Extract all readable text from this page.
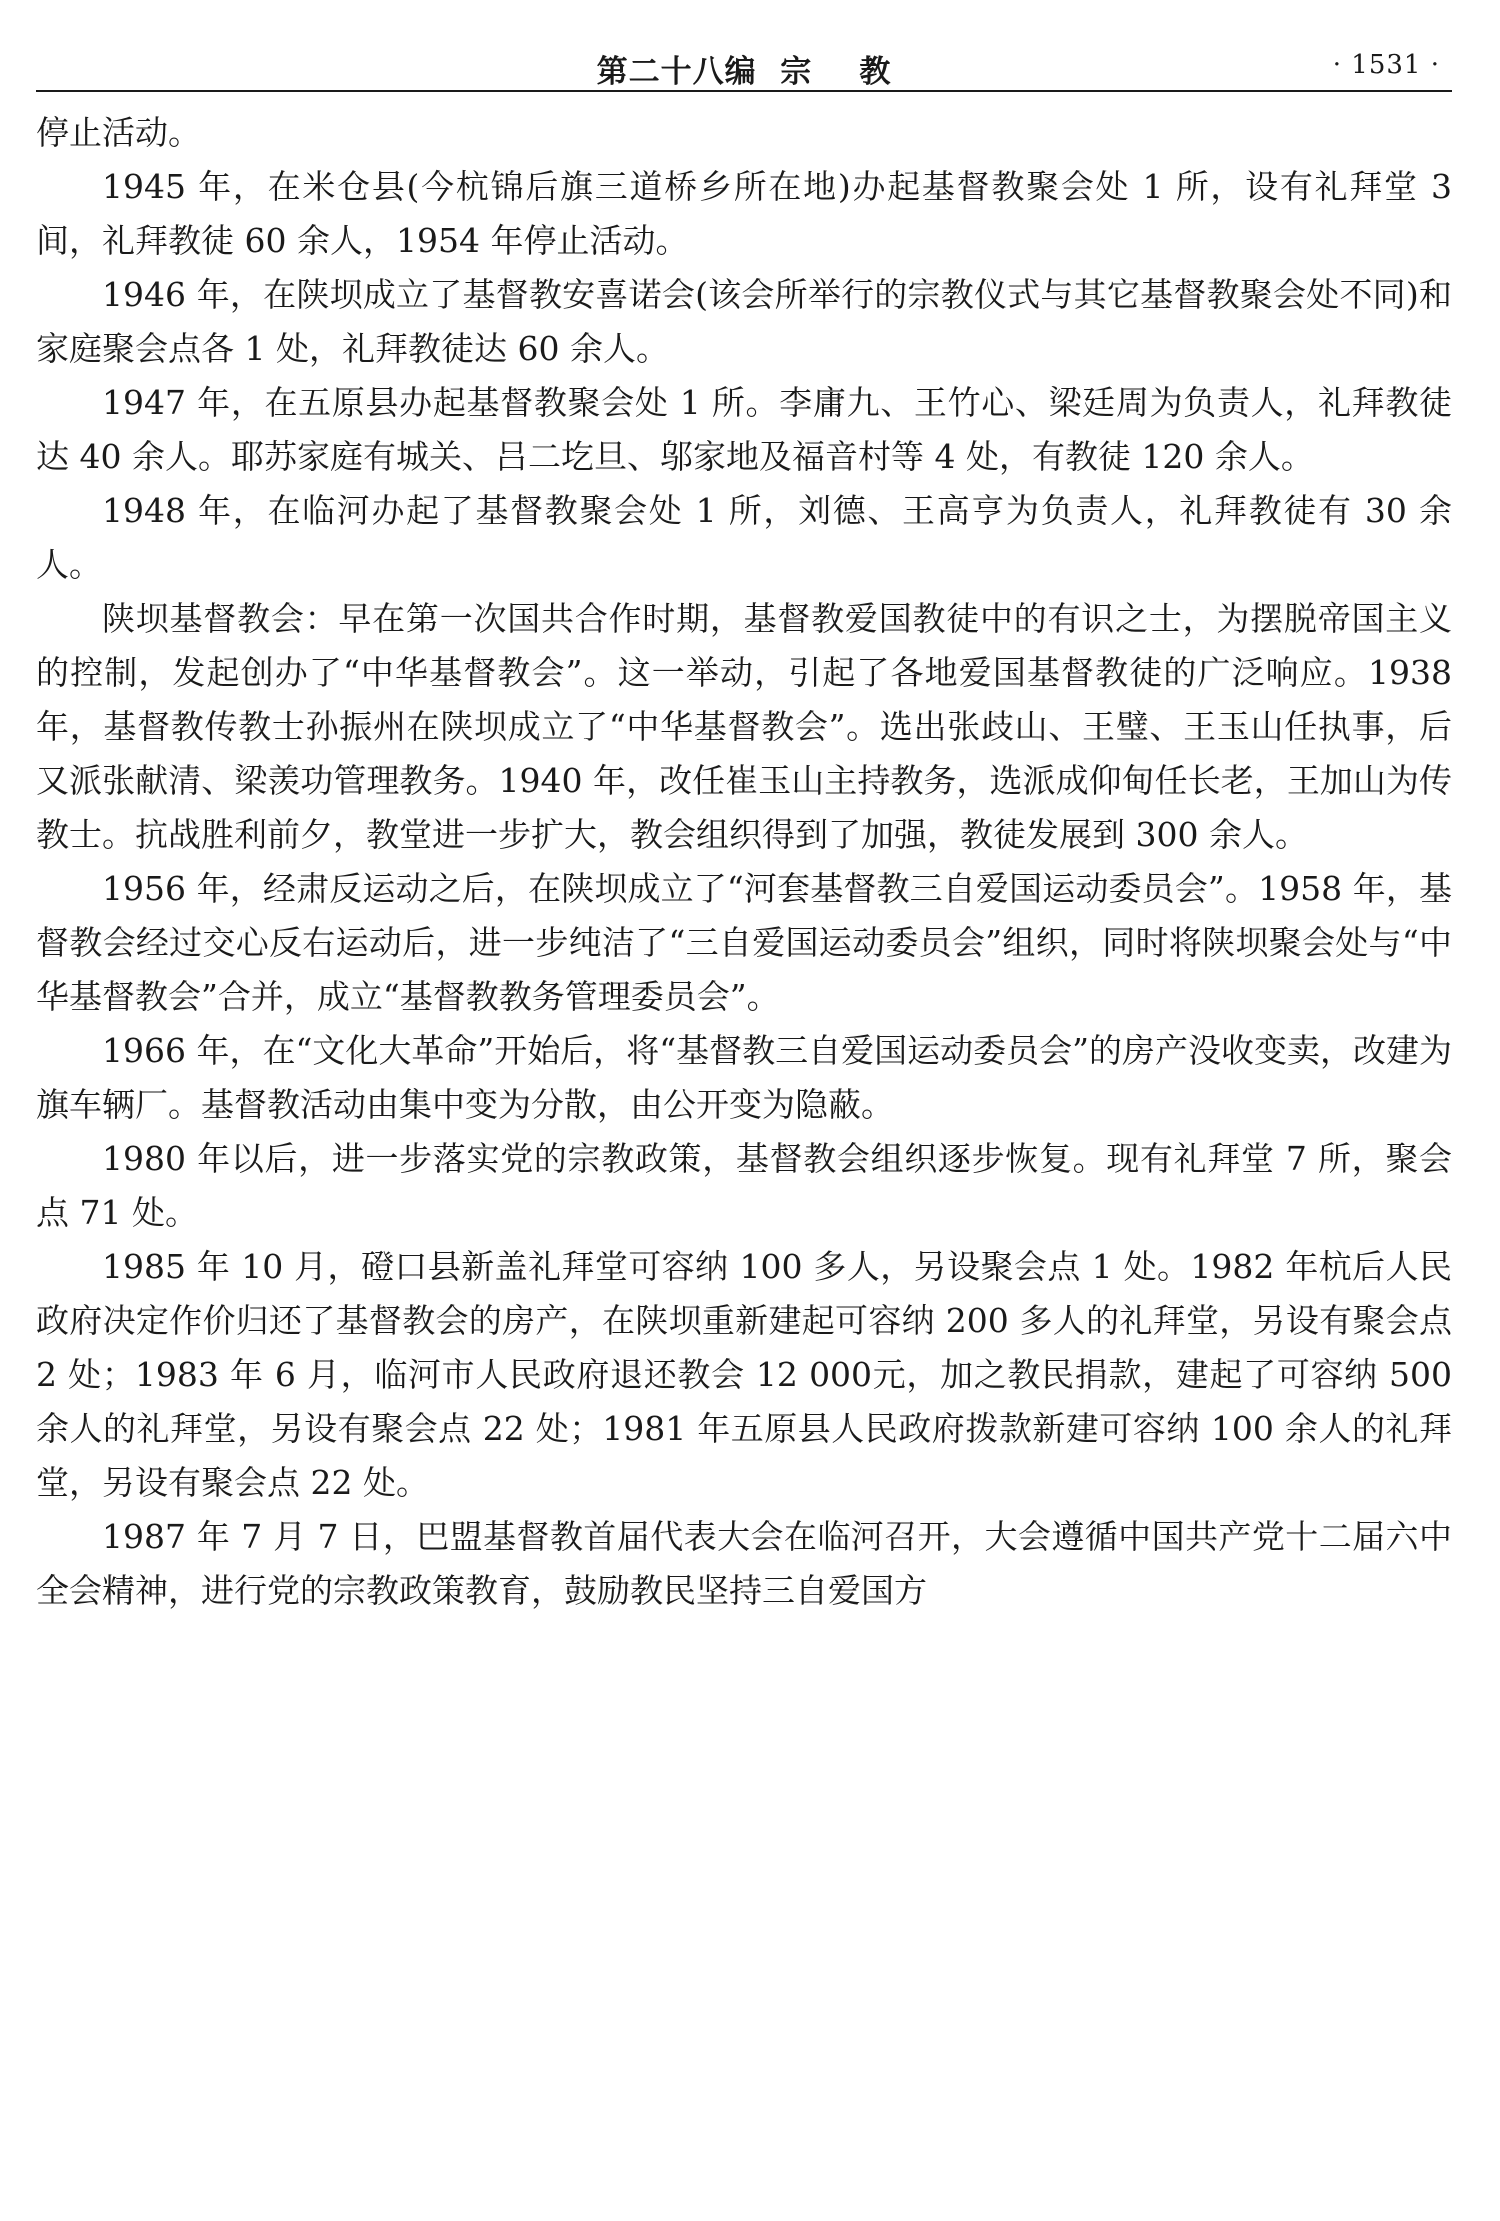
第二十八编  宗    教	· 1531 ·

停止活动。

1945 年，在米仓县(今杭锦后旗三道桥乡所在地)办起基督教聚会处 1 所，设有礼拜堂 3 间，礼拜教徒 60 余人，1954 年停止活动。

1946 年，在陕坝成立了基督教安喜诺会(该会所举行的宗教仪式与其它基督教聚会处不同)和家庭聚会点各 1 处，礼拜教徒达 60 余人。

1947 年，在五原县办起基督教聚会处 1 所。李庸九、王竹心、梁廷周为负责人，礼拜教徒达 40 余人。耶苏家庭有城关、吕二圪旦、邬家地及福音村等 4 处，有教徒 120 余人。

1948 年，在临河办起了基督教聚会处 1 所，刘德、王高亨为负责人，礼拜教徒有 30 余人。

陕坝基督教会：早在第一次国共合作时期，基督教爱国教徒中的有识之士，为摆脱帝国主义的控制，发起创办了“中华基督教会”。这一举动，引起了各地爱国基督教徒的广泛响应。1938 年，基督教传教士孙振州在陕坝成立了“中华基督教会”。选出张歧山、王璧、王玉山任执事，后又派张献清、梁羡功管理教务。1940 年，改任崔玉山主持教务，选派成仰甸任长老，王加山为传教士。抗战胜利前夕，教堂进一步扩大，教会组织得到了加强，教徒发展到 300 余人。

1956 年，经肃反运动之后，在陕坝成立了“河套基督教三自爱国运动委员会”。1958 年，基督教会经过交心反右运动后，进一步纯洁了“三自爱国运动委员会”组织，同时将陕坝聚会处与“中华基督教会”合并，成立“基督教教务管理委员会”。

1966 年，在“文化大革命”开始后，将“基督教三自爱国运动委员会”的房产没收变卖，改建为旗车辆厂。基督教活动由集中变为分散，由公开变为隐蔽。

1980 年以后，进一步落实党的宗教政策，基督教会组织逐步恢复。现有礼拜堂 7 所，聚会点 71 处。

1985 年 10 月，磴口县新盖礼拜堂可容纳 100 多人，另设聚会点 1 处。1982 年杭后人民政府决定作价归还了基督教会的房产，在陕坝重新建起可容纳 200 多人的礼拜堂，另设有聚会点 2 处；1983 年 6 月，临河市人民政府退还教会 12 000元，加之教民捐款，建起了可容纳 500 余人的礼拜堂，另设有聚会点 22 处；1981 年五原县人民政府拨款新建可容纳 100 余人的礼拜堂，另设有聚会点 22 处。

1987 年 7 月 7 日，巴盟基督教首届代表大会在临河召开，大会遵循中国共产党十二届六中全会精神，进行党的宗教政策教育，鼓励教民坚持三自爱国方
